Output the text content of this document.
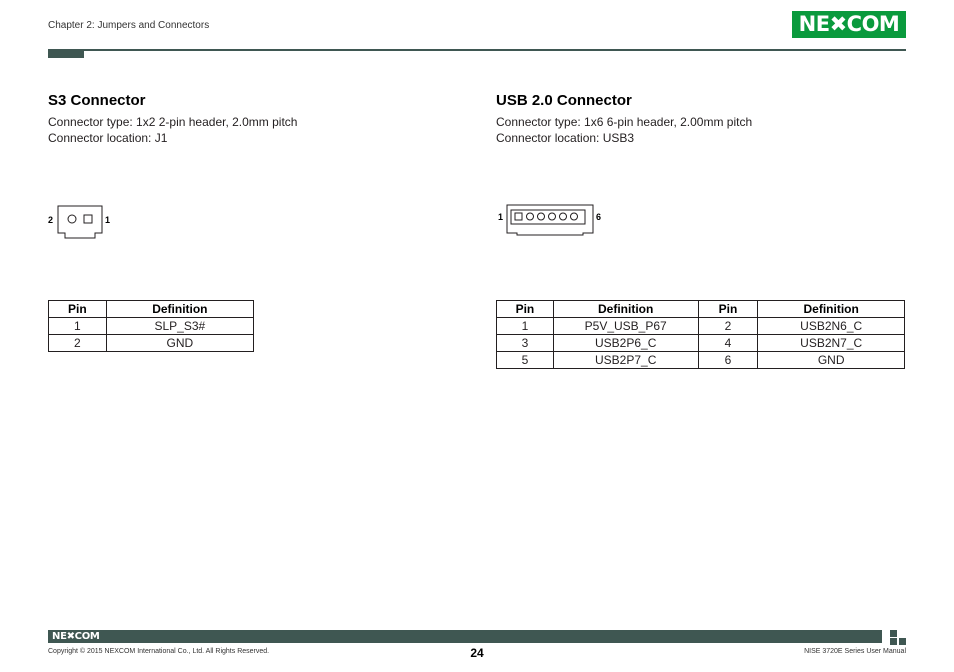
Chapter 2: Jumpers and Connectors	NE✖COM
S3 Connector

Connector type: 1x2 2-pin header, 2.0mm pitch

Connector location: J1

2	1
Pin	Definition
1	SLP_S3#
2	GND
USB 2.0 Connector

Connector type: 1x6 6-pin header, 2.00mm pitch

Connector location: USB3

1	6
Pin	Definition	Pin	Definition
1	P5V_USB_P67	2	USB2N6_C
3	USB2P6_C	4	USB2N7_C
5	USB2P7_C	6	GND
NE✖COM
Copyright © 2015 NEXCOM International Co., Ltd. All Rights Reserved.	24	NISE 3720E Series User Manual
